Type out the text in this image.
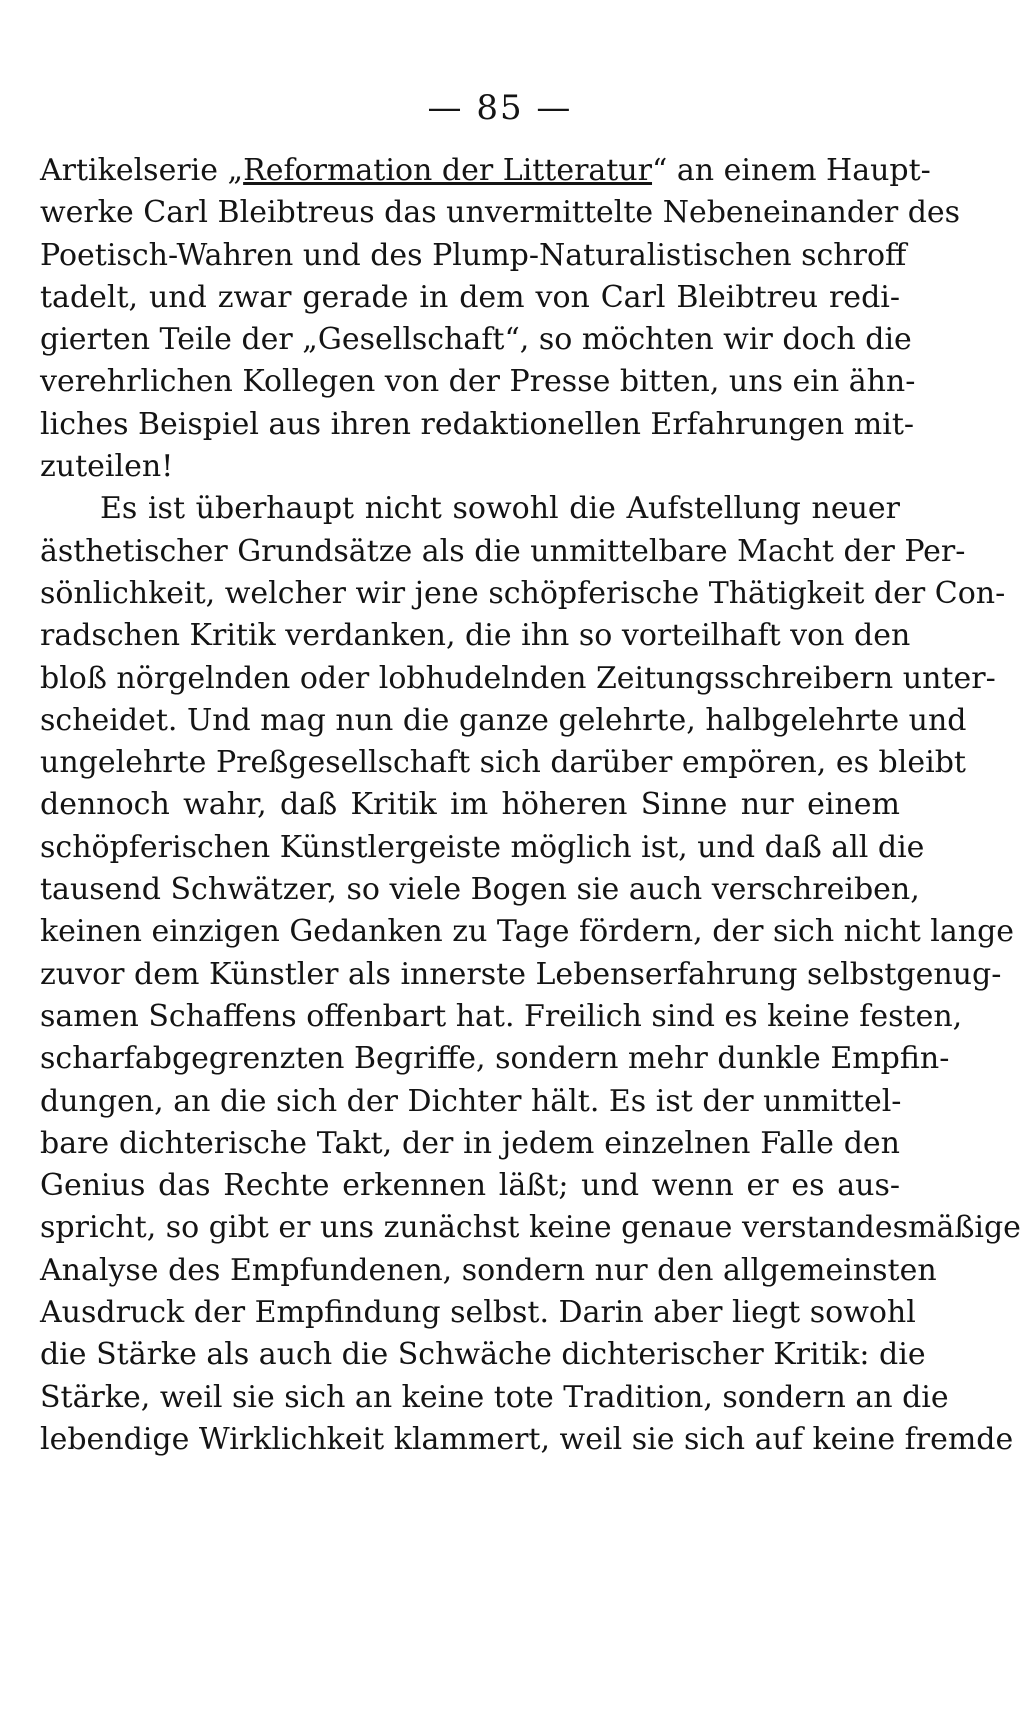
— 85 —
Artikelserie „Reformation der Litteratur“ an einem Haupt-
werke Carl Bleibtreus das unvermittelte Nebeneinander des
Poetisch-Wahren und des Plump-Naturalistischen schroff
tadelt, und zwar gerade in dem von Carl Bleibtreu redi-
gierten Teile der „Gesellschaft“, so möchten wir doch die
verehrlichen Kollegen von der Presse bitten, uns ein ähn-
liches Beispiel aus ihren redaktionellen Erfahrungen mit-
zuteilen!
Es ist überhaupt nicht sowohl die Aufstellung neuer
ästhetischer Grundsätze als die unmittelbare Macht der Per-
sönlichkeit, welcher wir jene schöpferische Thätigkeit der Con-
radschen Kritik verdanken, die ihn so vorteilhaft von den
bloß nörgelnden oder lobhudelnden Zeitungsschreibern unter-
scheidet. Und mag nun die ganze gelehrte, halbgelehrte und
ungelehrte Preßgesellschaft sich darüber empören, es bleibt
dennoch wahr, daß Kritik im höheren Sinne nur einem
schöpferischen Künstlergeiste möglich ist, und daß all die
tausend Schwätzer, so viele Bogen sie auch verschreiben,
keinen einzigen Gedanken zu Tage fördern, der sich nicht lange
zuvor dem Künstler als innerste Lebenserfahrung selbstgenug-
samen Schaffens offenbart hat. Freilich sind es keine festen,
scharfabgegrenzten Begriffe, sondern mehr dunkle Empfin-
dungen, an die sich der Dichter hält. Es ist der unmittel-
bare dichterische Takt, der in jedem einzelnen Falle den
Genius das Rechte erkennen läßt; und wenn er es aus-
spricht, so gibt er uns zunächst keine genaue verstandesmäßige
Analyse des Empfundenen, sondern nur den allgemeinsten
Ausdruck der Empfindung selbst. Darin aber liegt sowohl
die Stärke als auch die Schwäche dichterischer Kritik: die
Stärke, weil sie sich an keine tote Tradition, sondern an die
lebendige Wirklichkeit klammert, weil sie sich auf keine fremde
